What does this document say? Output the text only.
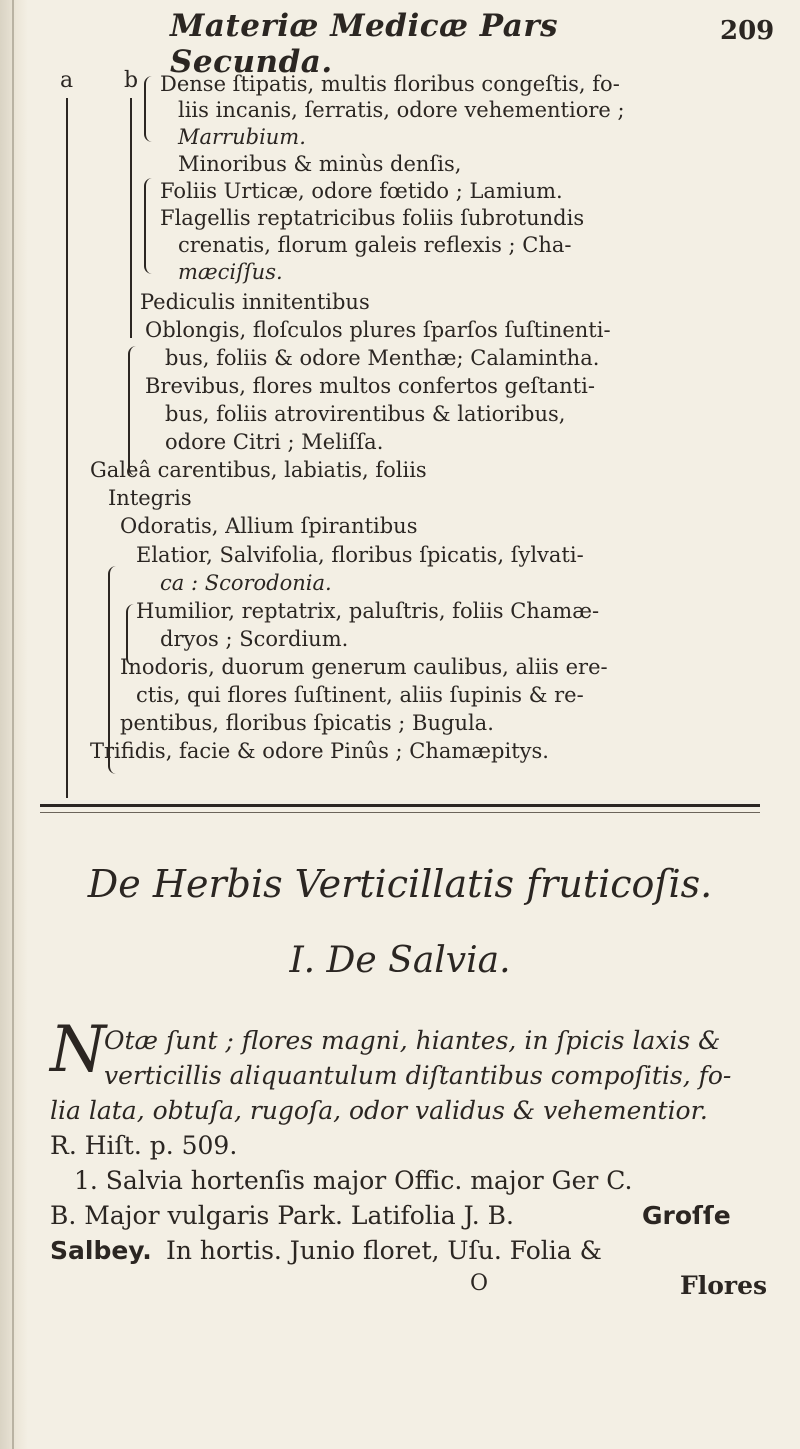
Materiæ Medicæ Pars Secunda.
209
a b Dense ſtipatis, multis floribus congeſtis, fo-
liis incanis, ſerratis, odore vehementiore ;
Marrubium.
Minoribus & minùs denſis,
Foliis Urticæ, odore fœtido ; Lamium.
Flagellis reptatricibus foliis ſubrotundis
crenatis, florum galeis reflexis ; Cha-
mæciſſus.
Pediculis innitentibus
Oblongis, floſculos plures ſparſos ſuſtinenti-
bus, foliis & odore Menthæ; Calamintha.
Brevibus, flores multos confertos geſtanti-
bus, foliis atrovirentibus & latioribus,
odore Citri ; Meliſſa.
Galeâ carentibus, labiatis, foliis
Integris
Odoratis, Allium ſpirantibus
Elatior, Salvifolia, floribus ſpicatis, ſylvati-
ca : Scorodonia.
Humilior, reptatrix, paluſtris, foliis Chamæ-
dryos ; Scordium.
Inodoris, duorum generum caulibus, aliis ere-
ctis, qui flores ſuſtinent, aliis ſupinis & re-
pentibus, floribus ſpicatis ; Bugula.
Trifidis, facie & odore Pinûs ; Chamæpitys.
De Herbis Verticillatis fruticoſis.
I. De Salvia.
N
Otæ ſunt ; flores magni, hiantes, in ſpicis laxis &
verticillis aliquantulum diſtantibus compoſitis, fo-
lia lata, obtuſa, rugoſa, odor validus & vehementior.
R. Hiſt. p. 509.
1. Salvia hortenſis major Offic. major Ger C.
B. Major vulgaris Park. Latifolia J. B.	Groſſe
Salbey. In hortis. Junio floret, Uſu. Folia &
O	Flores
